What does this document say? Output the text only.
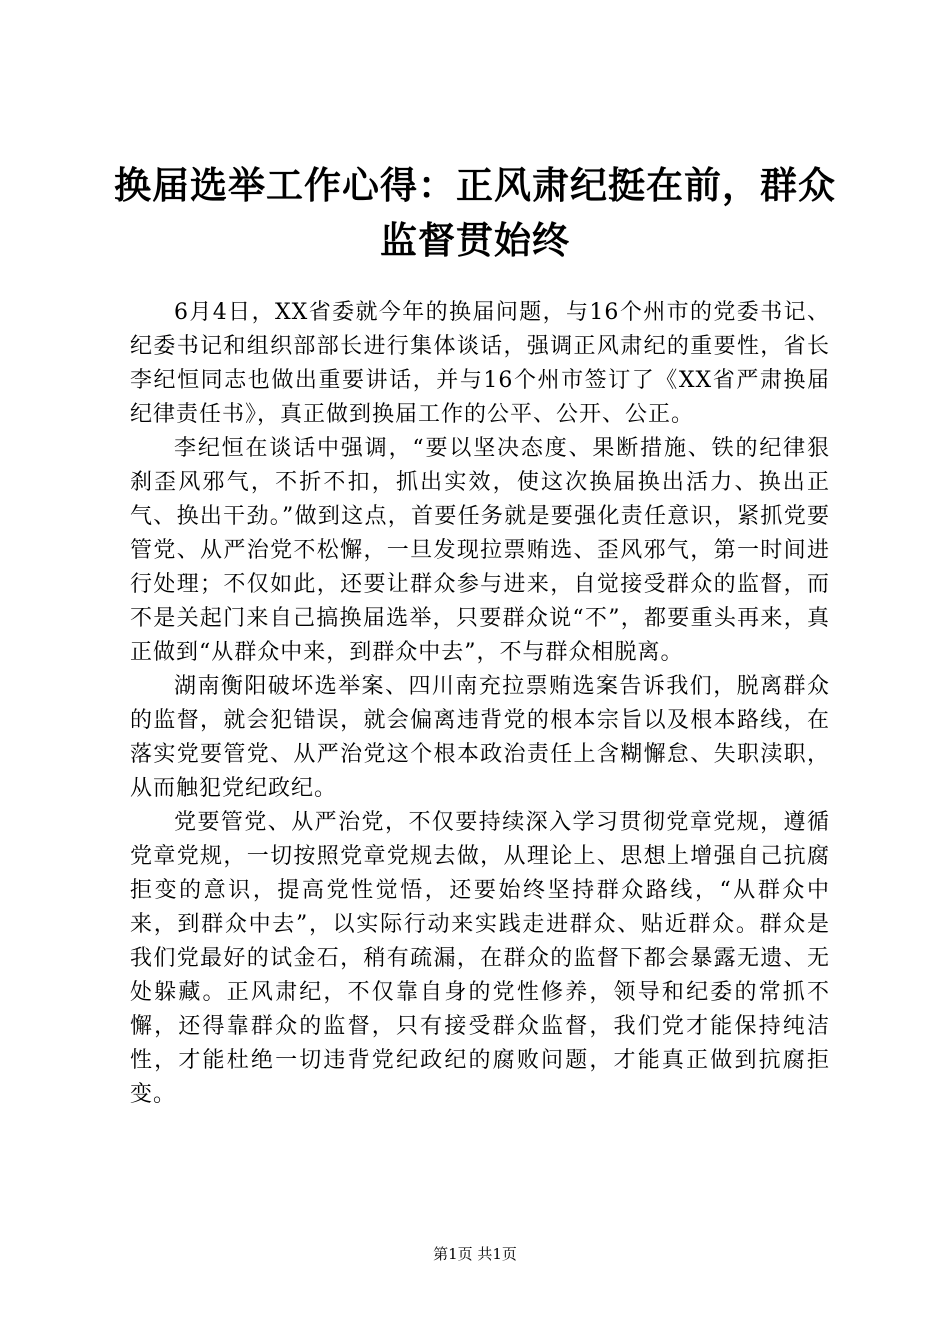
换届选举工作心得：正风肃纪挺在前，群众监督贯始终

6月4日，XX省委就今年的换届问题，与16个州市的党委书记、纪委书记和组织部部长进行集体谈话，强调正风肃纪的重要性，省长李纪恒同志也做出重要讲话，并与16个州市签订了《XX省严肃换届纪律责任书》，真正做到换届工作的公平、公开、公正。

李纪恒在谈话中强调，“要以坚决态度、果断措施、铁的纪律狠刹歪风邪气，不折不扣，抓出实效，使这次换届换出活力、换出正气、换出干劲。”做到这点，首要任务就是要强化责任意识，紧抓党要管党、从严治党不松懈，一旦发现拉票贿选、歪风邪气，第一时间进行处理；不仅如此，还要让群众参与进来，自觉接受群众的监督，而不是关起门来自己搞换届选举，只要群众说“不”，都要重头再来，真正做到“从群众中来，到群众中去”，不与群众相脱离。

湖南衡阳破坏选举案、四川南充拉票贿选案告诉我们，脱离群众的监督，就会犯错误，就会偏离违背党的根本宗旨以及根本路线，在落实党要管党、从严治党这个根本政治责任上含糊懈怠、失职渎职，从而触犯党纪政纪。

党要管党、从严治党，不仅要持续深入学习贯彻党章党规，遵循党章党规，一切按照党章党规去做，从理论上、思想上增强自己抗腐拒变的意识，提高党性觉悟，还要始终坚持群众路线，“从群众中来，到群众中去”，以实际行动来实践走进群众、贴近群众。群众是我们党最好的试金石，稍有疏漏，在群众的监督下都会暴露无遗、无处躲藏。正风肃纪，不仅靠自身的党性修养，领导和纪委的常抓不懈，还得靠群众的监督，只有接受群众监督，我们党才能保持纯洁性，才能杜绝一切违背党纪政纪的腐败问题，才能真正做到抗腐拒变。

第1页 共1页
